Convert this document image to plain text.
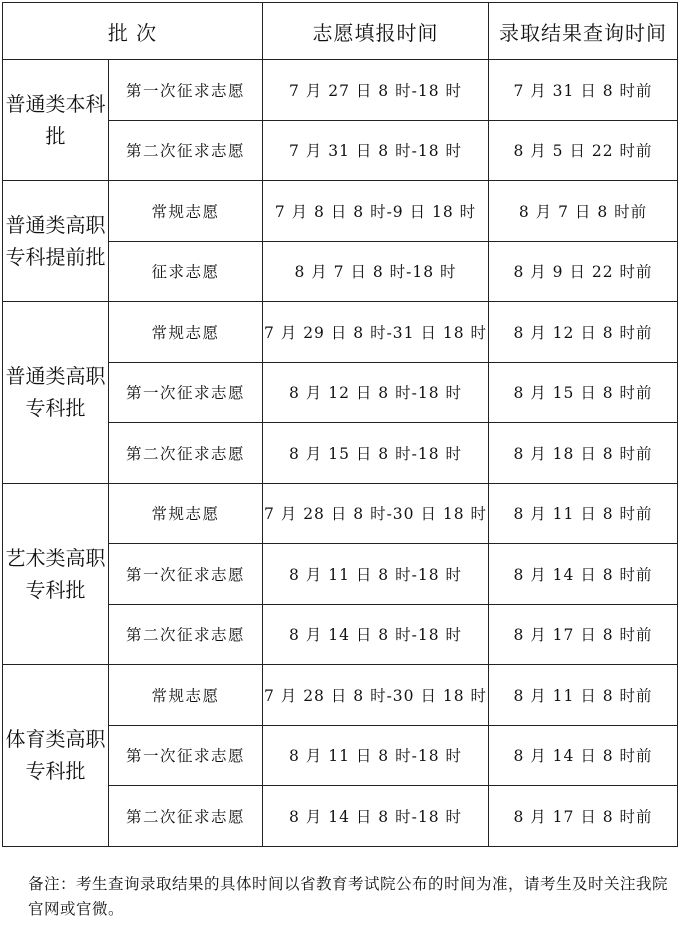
批 次		志愿填报时间	录取结果查询时间
普通类本科批	第一次征求志愿	7 月 27 日 8 时-18 时	7 月 31 日 8 时前
	第二次征求志愿	7 月 31 日 8 时-18 时	8 月 5 日 22 时前
普通类高职专科提前批	常规志愿	7 月 8 日 8 时-9 日 18 时	8 月 7 日 8 时前
	征求志愿	8 月 7 日 8 时-18 时	8 月 9 日 22 时前
普通类高职专科批	常规志愿	7 月 29 日 8 时-31 日 18 时	8 月 12 日 8 时前
	第一次征求志愿	8 月 12 日 8 时-18 时	8 月 15 日 8 时前
	第二次征求志愿	8 月 15 日 8 时-18 时	8 月 18 日 8 时前
艺术类高职专科批	常规志愿	7 月 28 日 8 时-30 日 18 时	8 月 11 日 8 时前
	第一次征求志愿	8 月 11 日 8 时-18 时	8 月 14 日 8 时前
	第二次征求志愿	8 月 14 日 8 时-18 时	8 月 17 日 8 时前
体育类高职专科批	常规志愿	7 月 28 日 8 时-30 日 18 时	8 月 11 日 8 时前
	第一次征求志愿	8 月 11 日 8 时-18 时	8 月 14 日 8 时前
	第二次征求志愿	8 月 14 日 8 时-18 时	8 月 17 日 8 时前
备注：考生查询录取结果的具体时间以省教育考试院公布的时间为准，请考生及时关注我院官网或官微。
